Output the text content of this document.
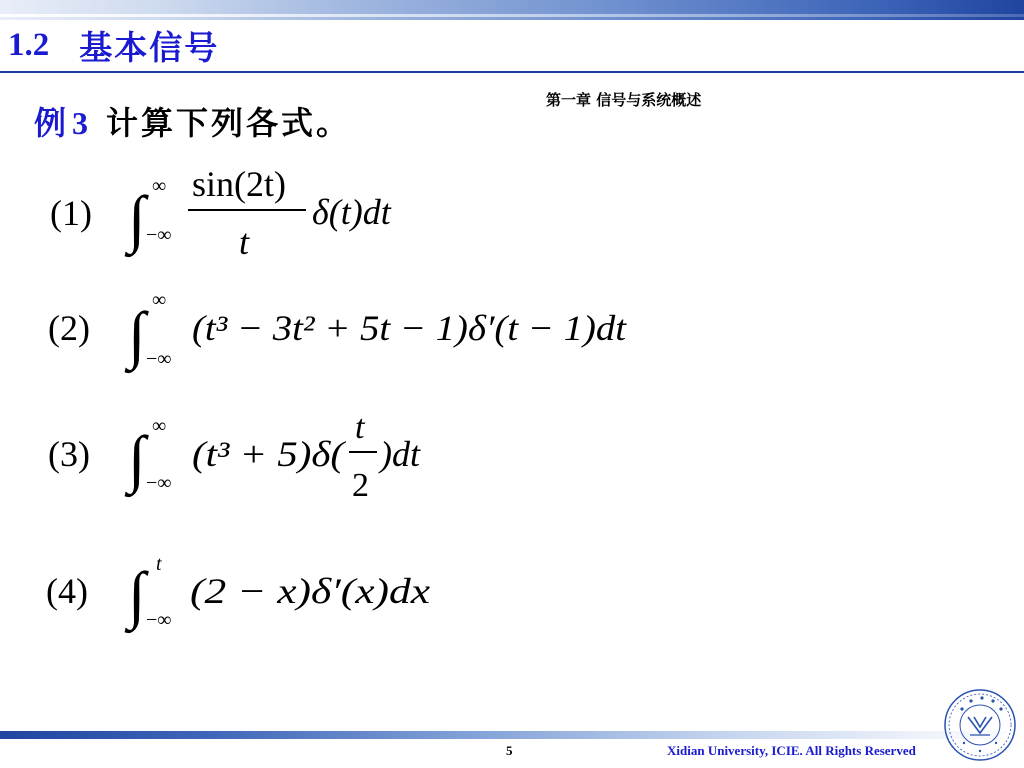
1.2 基本信号
第一章 信号与系统概述
例 3 计算下列各式。
(1) ∫ ∞
−∞
sin(2t)
t
δ(t)dt
(2) ∫ ∞
−∞
(t³ − 3t² + 5t − 1)δ′(t − 1)dt
(3) ∫ ∞
−∞
(t³ + 5)δ(
t
2
)dt
(4) ∫ t
−∞
(2 − x)δ′(x)dx
5	Xidian University, ICIE. All Rights Reserved
